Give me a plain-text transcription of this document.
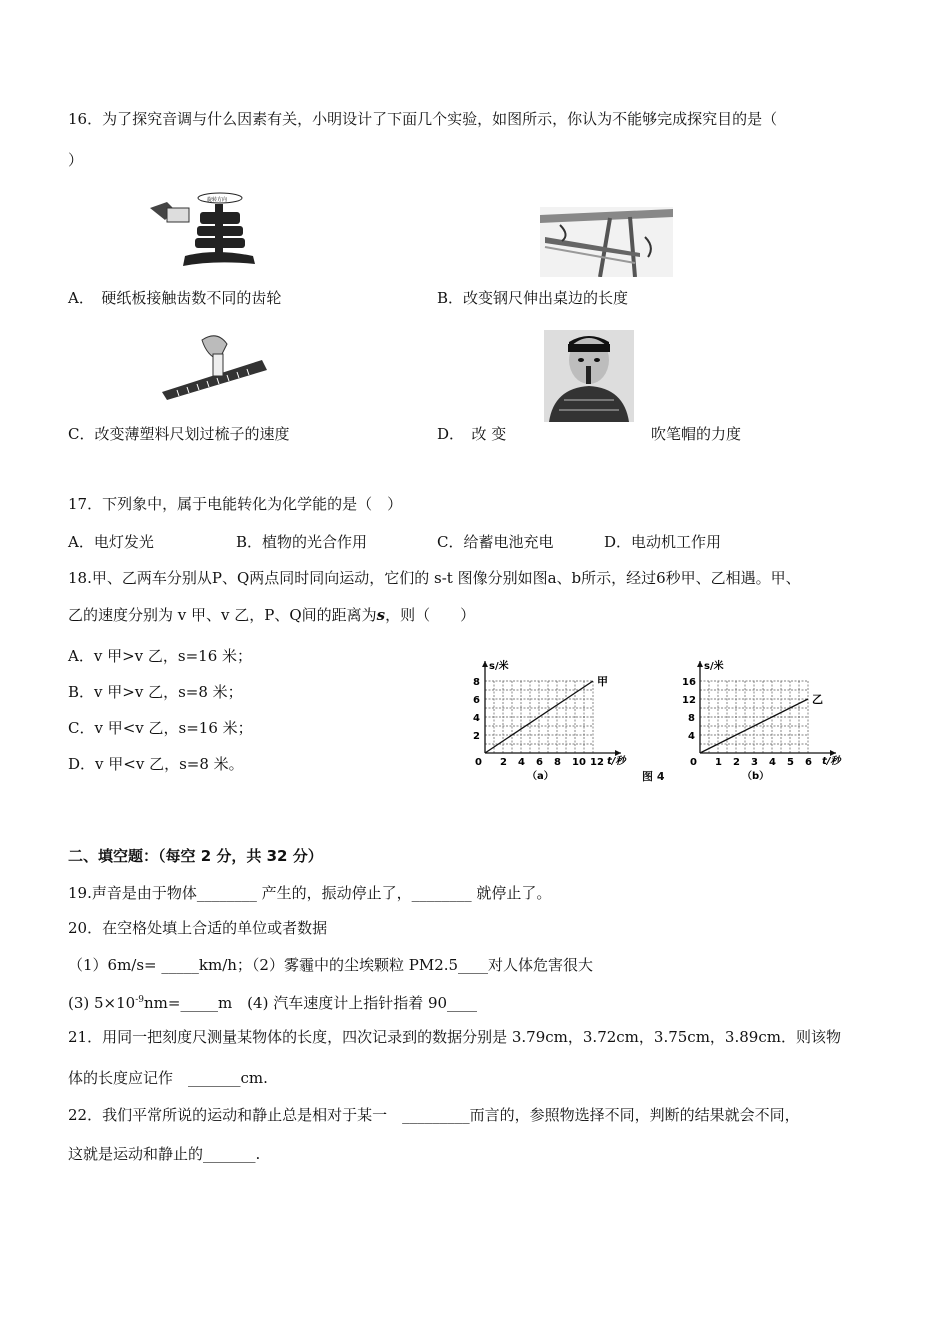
16．为了探究音调与什么因素有关，小明设计了下面几个实验，如图所示，你认为不能够完成探究目的是（
）
旋转方向
A．　硬纸板接触齿数不同的齿轮	B．改变钢尺伸出桌边的长度
C．改变薄塑料尺划过梳子的速度	D．　改 变	吹笔帽的力度
17．下列象中，属于电能转化为化学能的是（　）
A．电灯发光	B．植物的光合作用	C．给蓄电池充电	D．电动机工作用
18.甲、乙两车分别从P、Q两点同时同向运动，它们的 s-t 图像分别如图a、b所示，经过6秒甲、乙相遇。甲、
乙的速度分别为 v 甲、v 乙，P、Q间的距离为s，则（　　）
A．v 甲>v 乙，s=16 米；
B．v 甲>v 乙，s=8 米；
C．v 甲<v 乙，s=16 米；
D．v 甲<v 乙，s=8 米。
s/米
t/秒
0 2 4 6 8 10 12
2
4
6
8	甲
（a）
s/米
t/秒
0 1 2 3 4 5 6
4
8
12
16
乙
（b）
图 4
二、填空题：（每空 2 分，共 32 分）
19.声音是由于物体________ 产生的，振动停止了，________ 就停止了。
20．在空格处填上合适的单位或者数据
（1）6m/s= _____km/h；（2）雾霾中的尘埃颗粒 PM2.5____对人体危害很大
(3) $5\times 10^{-9}nm=\_\_\_\_\_m$　(4) 汽车速度计上指针指着 90____
21．用同一把刻度尺测量某物体的长度，四次记录到的数据分别是 3.79cm，3.72cm，3.75cm，3.89cm．则该物
体的长度应记作　_______cm.
22．我们平常所说的运动和静止总是相对于某一　_________而言的，参照物选择不同，判断的结果就会不同，
这就是运动和静止的_______.
